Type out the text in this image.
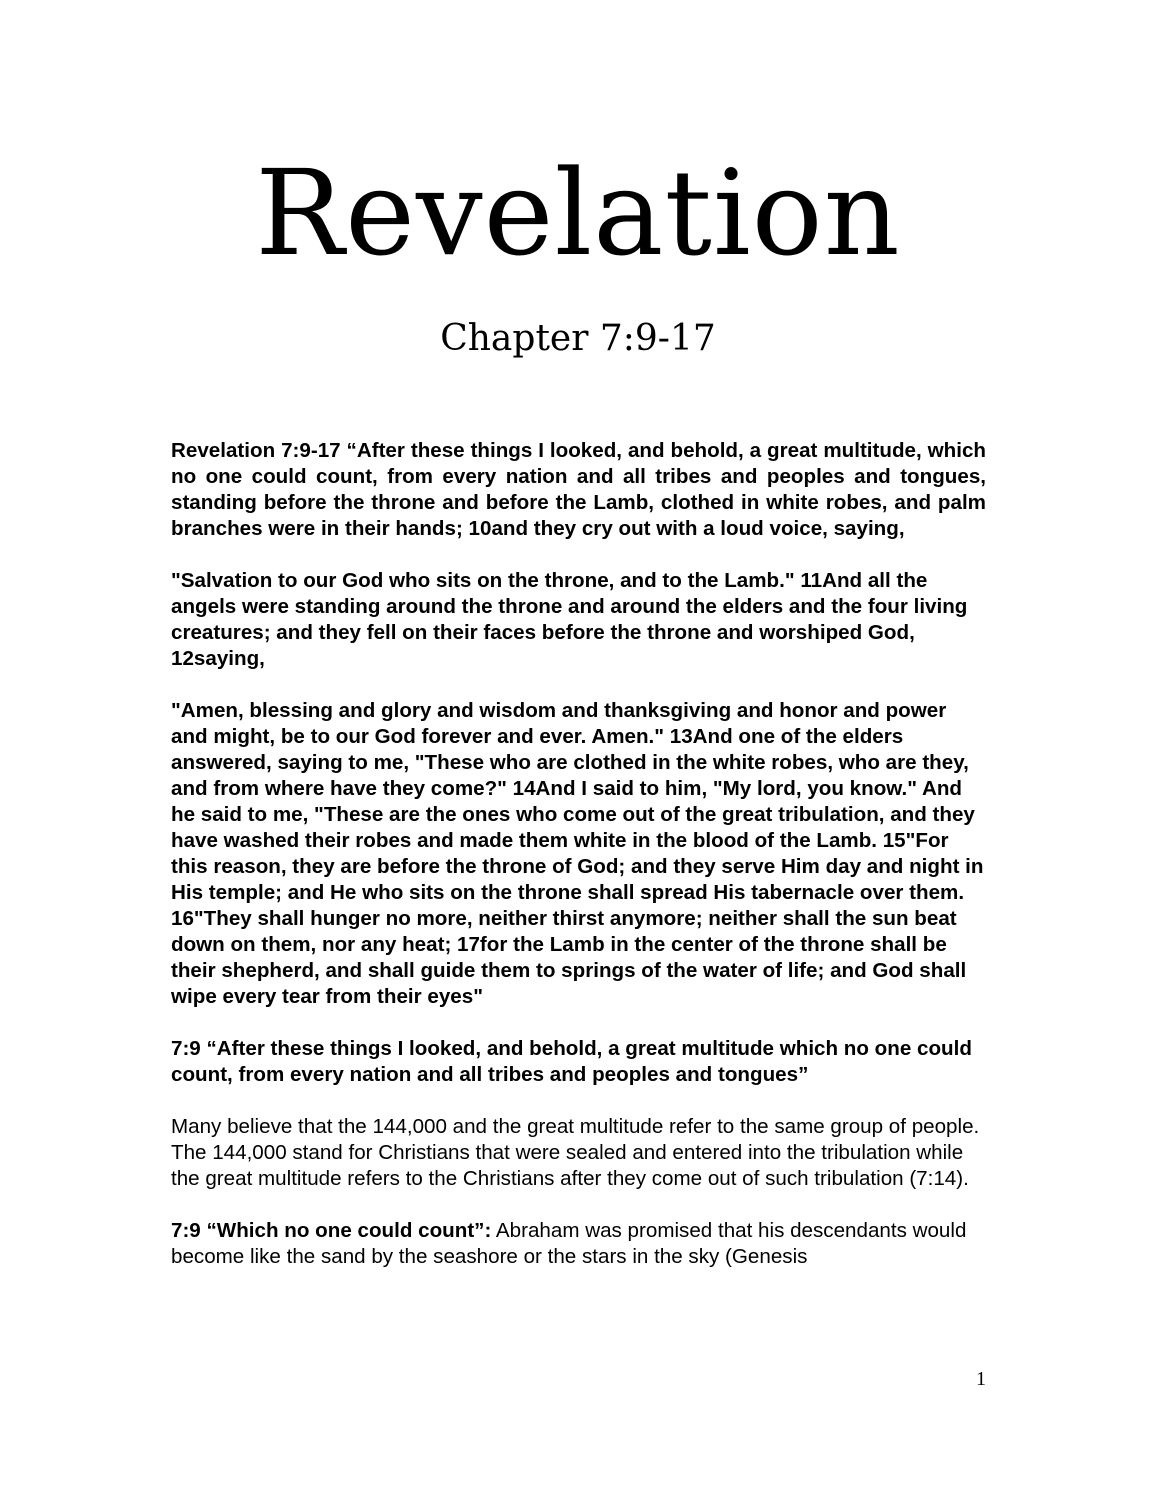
Revelation
Chapter 7:9-17

Revelation 7:9-17 “After these things I looked, and behold, a great multitude, which no one could count, from every nation and all tribes and peoples and tongues, standing before the throne and before the Lamb, clothed in white robes, and palm branches were in their hands; 10and they cry out with a loud voice, saying,

"Salvation to our God who sits on the throne, and to the Lamb." 11And all the angels were standing around the throne and around the elders and the four living creatures; and they fell on their faces before the throne and worshiped God, 12saying,

"Amen, blessing and glory and wisdom and thanksgiving and honor and power and might, be to our God forever and ever. Amen." 13And one of the elders answered, saying to me, "These who are clothed in the white robes, who are they, and from where have they come?" 14And I said to him, "My lord, you know." And he said to me, "These are the ones who come out of the great tribulation, and they have washed their robes and made them white in the blood of the Lamb. 15"For this reason, they are before the throne of God; and they serve Him day and night in His temple; and He who sits on the throne shall spread His tabernacle over them. 16"They shall hunger no more, neither thirst anymore; neither shall the sun beat down on them, nor any heat; 17for the Lamb in the center of the throne shall be their shepherd, and shall guide them to springs of the water of life; and God shall wipe every tear from their eyes"

7:9 “After these things I looked, and behold, a great multitude which no one could count, from every nation and all tribes and peoples and tongues”

Many believe that the 144,000 and the great multitude refer to the same group of people. The 144,000 stand for Christians that were sealed and entered into the tribulation while the great multitude refers to the Christians after they come out of such tribulation (7:14).

7:9 “Which no one could count”: Abraham was promised that his descendants would become like the sand by the seashore or the stars in the sky (Genesis

1
